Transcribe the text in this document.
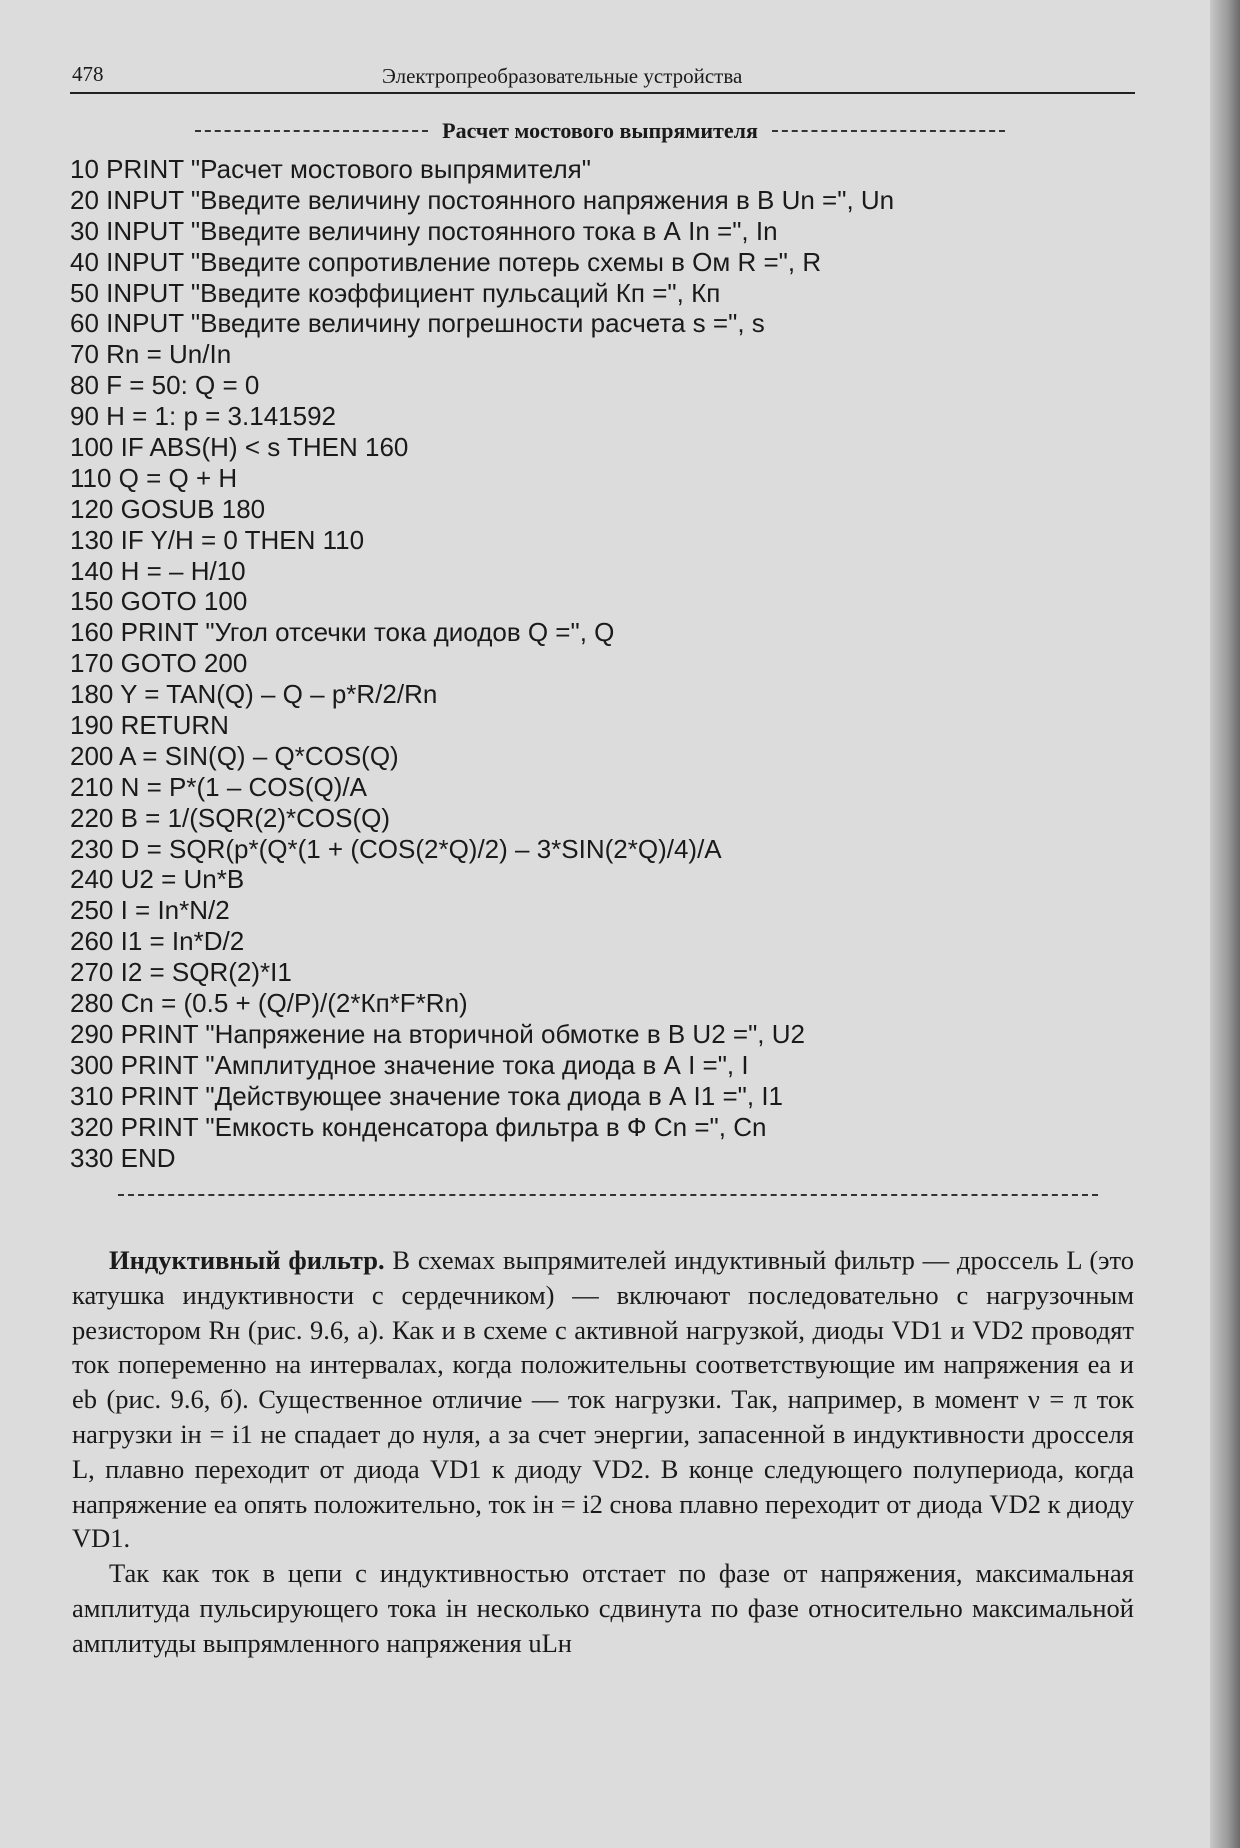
478	Электропреобразовательные устройства
Расчет мостового выпрямителя
10 PRINT "Расчет мостового выпрямителя"
20 INPUT "Введите величину постоянного напряжения в В Un =", Un
30 INPUT "Введите величину постоянного тока в А In =", In
40 INPUT "Введите сопротивление потерь схемы в Ом R =", R
50 INPUT "Введите коэффициент пульсаций Кп =", Кп
60 INPUT "Введите величину погрешности расчета s =", s
70 Rn = Un/In
80 F = 50: Q = 0
90 H = 1: p = 3.141592
100 IF ABS(H) < s THEN 160
110 Q = Q + H
120 GOSUB 180
130 IF Y/H = 0 THEN 110
140 H = – H/10
150 GOTO 100
160 PRINT "Угол отсечки тока диодов Q =", Q
170 GOTO 200
180 Y = TAN(Q) – Q – p*R/2/Rn
190 RETURN
200 A = SIN(Q) – Q*COS(Q)
210 N = P*(1 – COS(Q)/A
220 B = 1/(SQR(2)*COS(Q)
230 D = SQR(p*(Q*(1 + (COS(2*Q)/2) – 3*SIN(2*Q)/4)/A
240 U2 = Un*B
250 I = In*N/2
260 I1 = In*D/2
270 I2 = SQR(2)*I1
280 Cn = (0.5 + (Q/P)/(2*Кп*F*Rn)
290 PRINT "Напряжение на вторичной обмотке в В U2 =", U2
300 PRINT "Амплитудное значение тока диода в А I =", I
310 PRINT "Действующее значение тока диода в А I1 =", I1
320 PRINT "Емкость конденсатора фильтра в Ф Cn =", Cn
330 END

Индуктивный фильтр. В схемах выпрямителей индуктивный фильтр — дроссель L (это катушка индуктивности с сердечником) — включают последовательно с нагрузочным резистором Rн (рис. 9.6, а). Как и в схеме с активной нагрузкой, диоды VD1 и VD2 проводят ток попеременно на интервалах, когда положительны соответствующие им напряжения ea и eb (рис. 9.6, б). Существенное отличие — ток нагрузки. Так, например, в момент ν = π ток нагрузки iн = i1 не спадает до нуля, а за счет энергии, запасенной в индуктивности дросселя L, плавно переходит от диода VD1 к диоду VD2. В конце следующего полупериода, когда напряжение ea опять положительно, ток iн = i2 снова плавно переходит от диода VD2 к диоду VD1.

Так как ток в цепи с индуктивностью отстает по фазе от напряжения, максимальная амплитуда пульсирующего тока iн несколько сдвинута по фазе относительно максимальной амплитуды выпрямленного напряжения uLн
